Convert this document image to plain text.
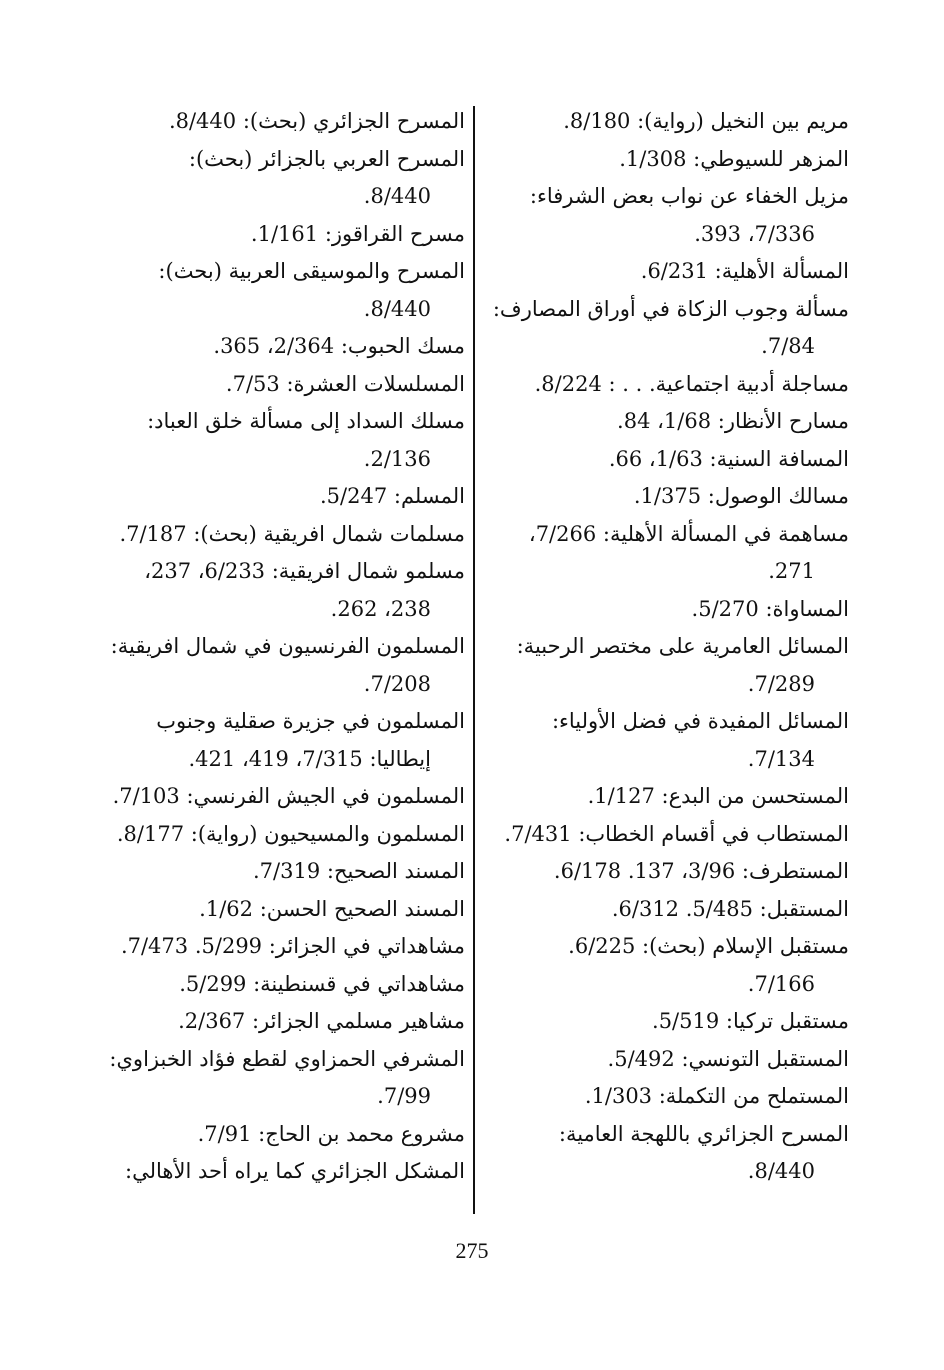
مريم بين النخيل (رواية): 8/180.
المزهر للسيوطي: 1/308.
مزيل الخفاء عن نواب بعض الشرفاء:
7/336، 393.
المسألة الأهلية: 6/231.
مسألة وجوب الزكاة في أوراق المصارف:
7/84.
مساجلة أدبية اجتماعية. . . : 8/224.
مسارح الأنظار: 1/68، 84.
المسافة السنية: 1/63، 66.
مسالك الوصول: 1/375.
مساهمة في المسألة الأهلية: 7/266،
271.
المساواة: 5/270.
المسائل العامرية على مختصر الرحبية:
7/289.
المسائل المفيدة في فضل الأولياء:
7/134.
المستحسن من البدع: 1/127.
المستطاب في أقسام الخطاب: 7/431.
المستطرف: 3/96، 137. 6/178.
المستقبل: 5/485. 6/312.
مستقبل الإسلام (بحث): 6/225.
7/166.
مستقبل تركيا: 5/519.
المستقبل التونسي: 5/492.
المستملح من التكملة: 1/303.
المسرح الجزائري باللهجة العامية:
8/440.
المسرح الجزائري (بحث): 8/440.
المسرح العربي بالجزائر (بحث):
8/440.
مسرح القراقوز: 1/161.
المسرح والموسيقى العربية (بحث):
8/440.
مسك الحبوب: 2/364، 365.
المسلسلات العشرة: 7/53.
مسلك السداد إلى مسألة خلق العباد:
2/136.
المسلم: 5/247.
مسلمات شمال افريقية (بحث): 7/187.
مسلمو شمال افريقية: 6/233، 237،
238، 262.
المسلمون الفرنسيون في شمال افريقية:
7/208.
المسلمون في جزيرة صقلية وجنوب
إيطاليا: 7/315، 419، 421.
المسلمون في الجيش الفرنسي: 7/103.
المسلمون والمسيحيون (رواية): 8/177.
المسند الصحيح: 7/319.
المسند الصحيح الحسن: 1/62.
مشاهداتي في الجزائر: 5/299. 7/473.
مشاهداتي في قسنطينة: 5/299.
مشاهير مسلمي الجزائر: 2/367.
المشرفي الحمزاوي لقطع فؤاد الخبزاوي:
7/99.
مشروع محمد بن الحاج: 7/91.
المشكل الجزائري كما يراه أحد الأهالي:
275
